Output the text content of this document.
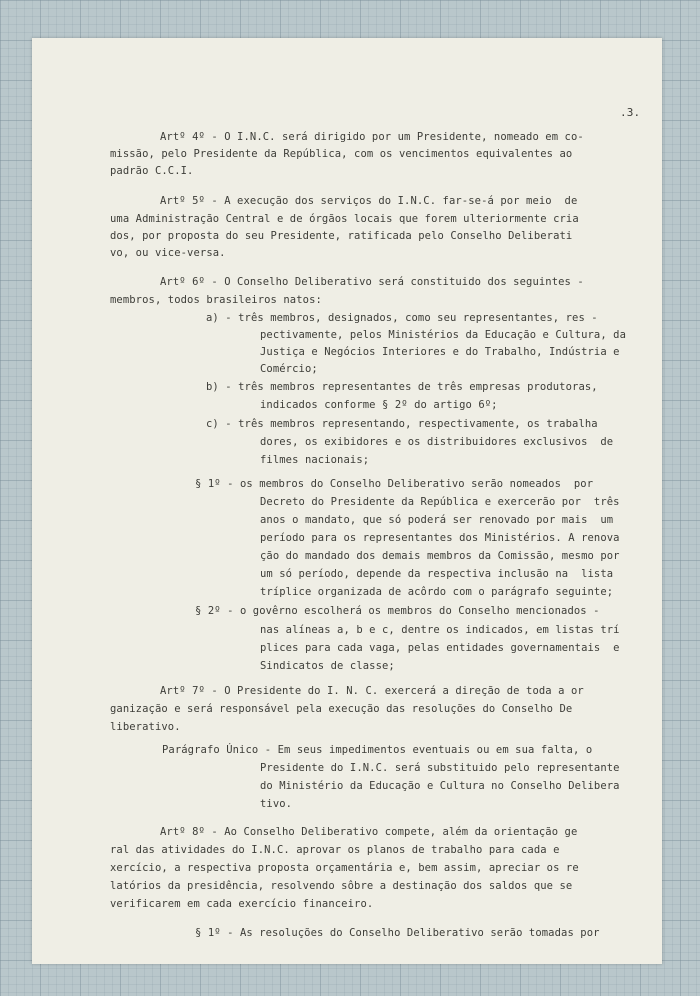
.3.
Artº 4º - O I.N.C. será dirigido por um Presidente, nomeado em co-
missão, pelo Presidente da República, com os vencimentos equivalentes ao
padrão C.C.I.
Artº 5º - A execução dos serviços do I.N.C. far-se-á por meio  de
uma Administração Central e de órgãos locais que forem ulteriormente cria
dos, por proposta do seu Presidente, ratificada pelo Conselho Deliberati
vo, ou vice-versa.
Artº 6º - O Conselho Deliberativo será constituido dos seguintes -
membros, todos brasileiros natos:
a) - três membros, designados, como seu representantes, res -
pectivamente, pelos Ministérios da Educação e Cultura, da
Justiça e Negócios Interiores e do Trabalho, Indústria e
Comércio;
b) - três membros representantes de três empresas produtoras,
indicados conforme § 2º do artigo 6º;
c) - três membros representando, respectivamente, os trabalha
dores, os exibidores e os distribuidores exclusivos  de
filmes nacionais;
§ 1º - os membros do Conselho Deliberativo serão nomeados  por
Decreto do Presidente da República e exercerão por  três
anos o mandato, que só poderá ser renovado por mais  um
período para os representantes dos Ministérios. A renova
ção do mandado dos demais membros da Comissão, mesmo por
um só período, depende da respectiva inclusão na  lista
tríplice organizada de acôrdo com o parágrafo seguinte;
§ 2º - o govêrno escolherá os membros do Conselho mencionados -
nas alíneas a, b e c, dentre os indicados, em listas trí
plices para cada vaga, pelas entidades governamentais  e
Sindicatos de classe;
Artº 7º - O Presidente do I. N. C. exercerá a direção de toda a or
ganização e será responsável pela execução das resoluções do Conselho De
liberativo.
Parágrafo Único - Em seus impedimentos eventuais ou em sua falta, o
Presidente do I.N.C. será substituido pelo representante
do Ministério da Educação e Cultura no Conselho Delibera
tivo.
Artº 8º - Ao Conselho Deliberativo compete, além da orientação ge
ral das atividades do I.N.C. aprovar os planos de trabalho para cada e
xercício, a respectiva proposta orçamentária e, bem assim, apreciar os re
latórios da presidência, resolvendo sôbre a destinação dos saldos que se
verificarem em cada exercício financeiro.
§ 1º - As resoluções do Conselho Deliberativo serão tomadas por
